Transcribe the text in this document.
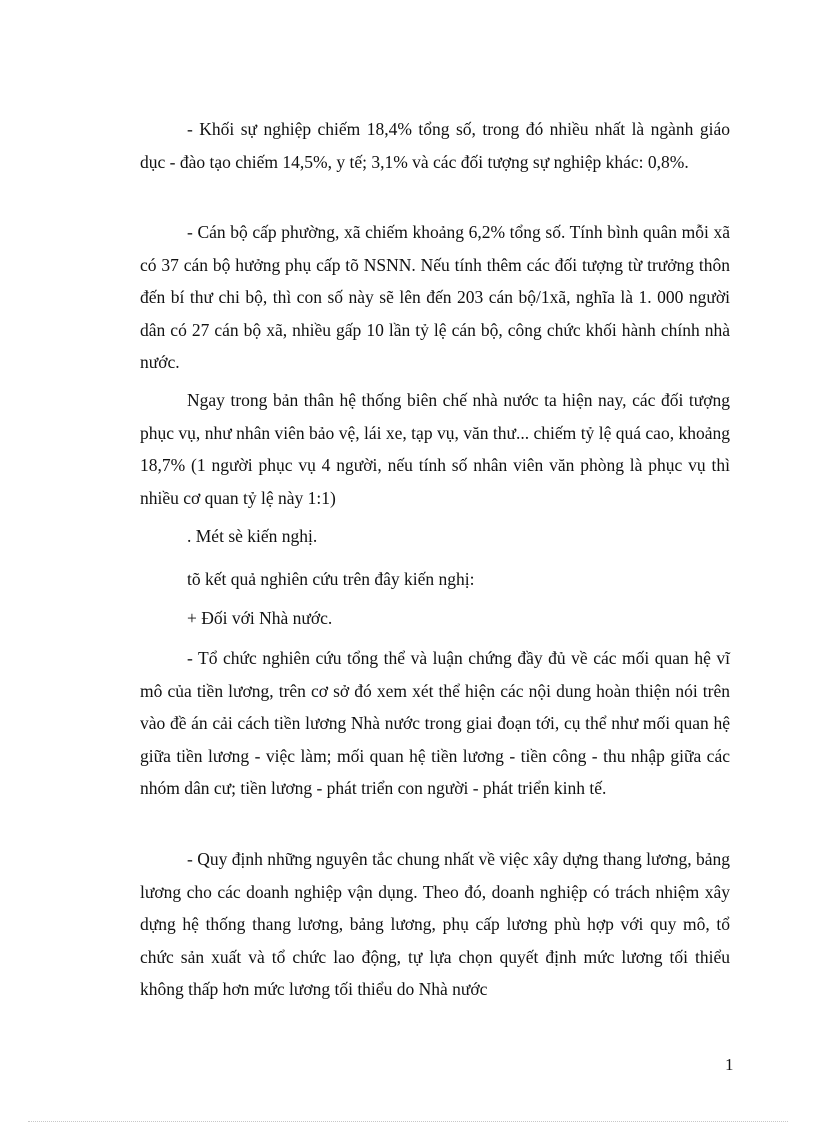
- Khối sự nghiệp chiếm 18,4% tổng số, trong đó nhiều nhất là ngành giáo dục - đào tạo chiếm 14,5%, y tế; 3,1% và các đối tượng sự nghiệp khác: 0,8%.

- Cán bộ cấp phường, xã chiếm khoảng 6,2% tổng số. Tính bình quân mỗi xã có 37 cán bộ hưởng phụ cấp tõ NSNN. Nếu tính thêm các đối tượng từ trưởng thôn đến bí thư chi bộ, thì con số này sẽ lên đến 203 cán bộ/1xã, nghĩa là 1. 000 người dân có 27 cán bộ xã, nhiều gấp 10 lần tỷ lệ cán bộ, công chức khối hành chính nhà nước.

Ngay trong bản thân hệ thống biên chế nhà nước ta hiện nay, các đối tượng phục vụ, như nhân viên bảo vệ, lái xe, tạp vụ, văn thư... chiếm tỷ lệ quá cao, khoảng 18,7% (1 người phục vụ 4 người, nếu tính số nhân viên văn phòng là phục vụ thì nhiều cơ quan tỷ lệ này 1:1)

. Mét sè kiến nghị.

tõ kết quả nghiên cứu trên đây kiến nghị:

+ Đối với Nhà nước.

- Tổ chức nghiên cứu tổng thể và luận chứng đầy đủ về các mối quan hệ vĩ mô của tiền lương, trên cơ sở đó xem xét thể hiện các nội dung hoàn thiện nói trên vào đề án cải cách tiền lương Nhà nước trong giai đoạn tới, cụ thể như mối quan hệ giữa tiền lương - việc làm; mối quan hệ tiền lương - tiền công - thu nhập giữa các nhóm dân cư; tiền lương - phát triển con người - phát triển kinh tế.

- Quy định những nguyên tắc chung nhất về việc xây dựng thang lương, bảng lương cho các doanh nghiệp vận dụng. Theo đó, doanh nghiệp có trách nhiệm xây dựng hệ thống thang lương, bảng lương, phụ cấp lương phù hợp với quy mô, tổ chức sản xuất và tổ chức lao động, tự lựa chọn quyết định mức lương tối thiểu không thấp hơn mức lương tối thiểu do Nhà nước

1
